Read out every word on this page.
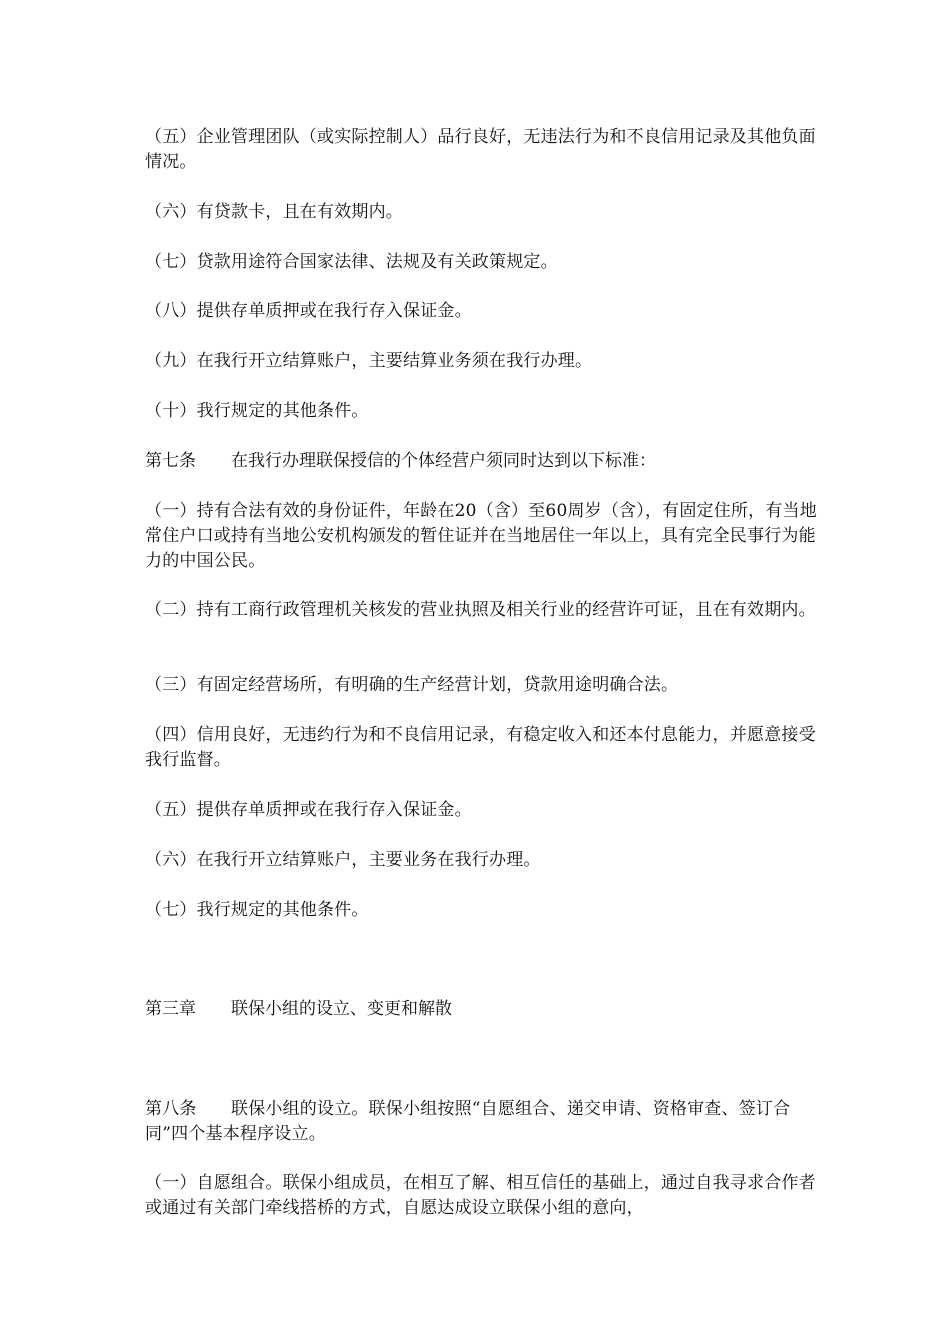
（五）企业管理团队（或实际控制人）品行良好，无违法行为和不良信用记录及其他负面情况。

（六）有贷款卡，且在有效期内。

（七）贷款用途符合国家法律、法规及有关政策规定。

（八）提供存单质押或在我行存入保证金。

（九）在我行开立结算账户，主要结算业务须在我行办理。

（十）我行规定的其他条件。

第七条 在我行办理联保授信的个体经营户须同时达到以下标准：

（一）持有合法有效的身份证件，年龄在20（含）至60周岁（含），有固定住所，有当地常住户口或持有当地公安机构颁发的暂住证并在当地居住一年以上，具有完全民事行为能力的中国公民。

（二）持有工商行政管理机关核发的营业执照及相关行业的经营许可证，且在有效期内。

（三）有固定经营场所，有明确的生产经营计划，贷款用途明确合法。

（四）信用良好，无违约行为和不良信用记录，有稳定收入和还本付息能力，并愿意接受我行监督。

（五）提供存单质押或在我行存入保证金。

（六）在我行开立结算账户，主要业务在我行办理。

（七）我行规定的其他条件。

第三章 联保小组的设立、变更和解散

第八条 联保小组的设立。联保小组按照“自愿组合、递交申请、资格审查、签订合同”四个基本程序设立。

（一）自愿组合。联保小组成员，在相互了解、相互信任的基础上，通过自我寻求合作者或通过有关部门牵线搭桥的方式，自愿达成设立联保小组的意向，
